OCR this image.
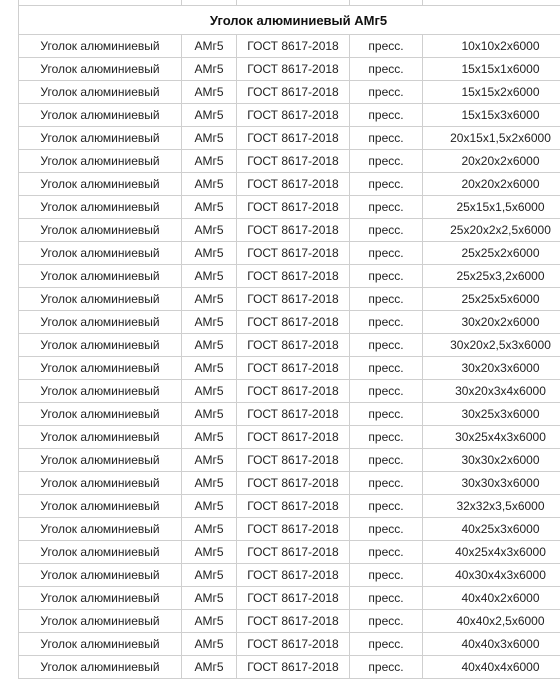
Уголок алюминиевый АМг5				
Уголок алюминиевый	АМг5	ГОСТ 8617-2018	пресс.	10х10х2х6000
Уголок алюминиевый	АМг5	ГОСТ 8617-2018	пресс.	15х15х1х6000
Уголок алюминиевый	АМг5	ГОСТ 8617-2018	пресс.	15х15х2х6000
Уголок алюминиевый	АМг5	ГОСТ 8617-2018	пресс.	15х15х3х6000
Уголок алюминиевый	АМг5	ГОСТ 8617-2018	пресс.	20х15х1,5х2х6000
Уголок алюминиевый	АМг5	ГОСТ 8617-2018	пресс.	20х20х2х6000
Уголок алюминиевый	АМг5	ГОСТ 8617-2018	пресс.	20х20х2х6000
Уголок алюминиевый	АМг5	ГОСТ 8617-2018	пресс.	25х15х1,5х6000
Уголок алюминиевый	АМг5	ГОСТ 8617-2018	пресс.	25х20х2х2,5х6000
Уголок алюминиевый	АМг5	ГОСТ 8617-2018	пресс.	25х25х2х6000
Уголок алюминиевый	АМг5	ГОСТ 8617-2018	пресс.	25х25х3,2х6000
Уголок алюминиевый	АМг5	ГОСТ 8617-2018	пресс.	25х25х5х6000
Уголок алюминиевый	АМг5	ГОСТ 8617-2018	пресс.	30х20х2х6000
Уголок алюминиевый	АМг5	ГОСТ 8617-2018	пресс.	30х20х2,5х3х6000
Уголок алюминиевый	АМг5	ГОСТ 8617-2018	пресс.	30х20х3х6000
Уголок алюминиевый	АМг5	ГОСТ 8617-2018	пресс.	30х20х3х4х6000
Уголок алюминиевый	АМг5	ГОСТ 8617-2018	пресс.	30х25х3х6000
Уголок алюминиевый	АМг5	ГОСТ 8617-2018	пресс.	30х25х4х3х6000
Уголок алюминиевый	АМг5	ГОСТ 8617-2018	пресс.	30х30х2х6000
Уголок алюминиевый	АМг5	ГОСТ 8617-2018	пресс.	30х30х3х6000
Уголок алюминиевый	АМг5	ГОСТ 8617-2018	пресс.	32х32х3,5х6000
Уголок алюминиевый	АМг5	ГОСТ 8617-2018	пресс.	40х25х3х6000
Уголок алюминиевый	АМг5	ГОСТ 8617-2018	пресс.	40х25х4х3х6000
Уголок алюминиевый	АМг5	ГОСТ 8617-2018	пресс.	40х30х4х3х6000
Уголок алюминиевый	АМг5	ГОСТ 8617-2018	пресс.	40х40х2х6000
Уголок алюминиевый	АМг5	ГОСТ 8617-2018	пресс.	40х40х2,5х6000
Уголок алюминиевый	АМг5	ГОСТ 8617-2018	пресс.	40х40х3х6000
Уголок алюминиевый	АМг5	ГОСТ 8617-2018	пресс.	40х40х4х6000
